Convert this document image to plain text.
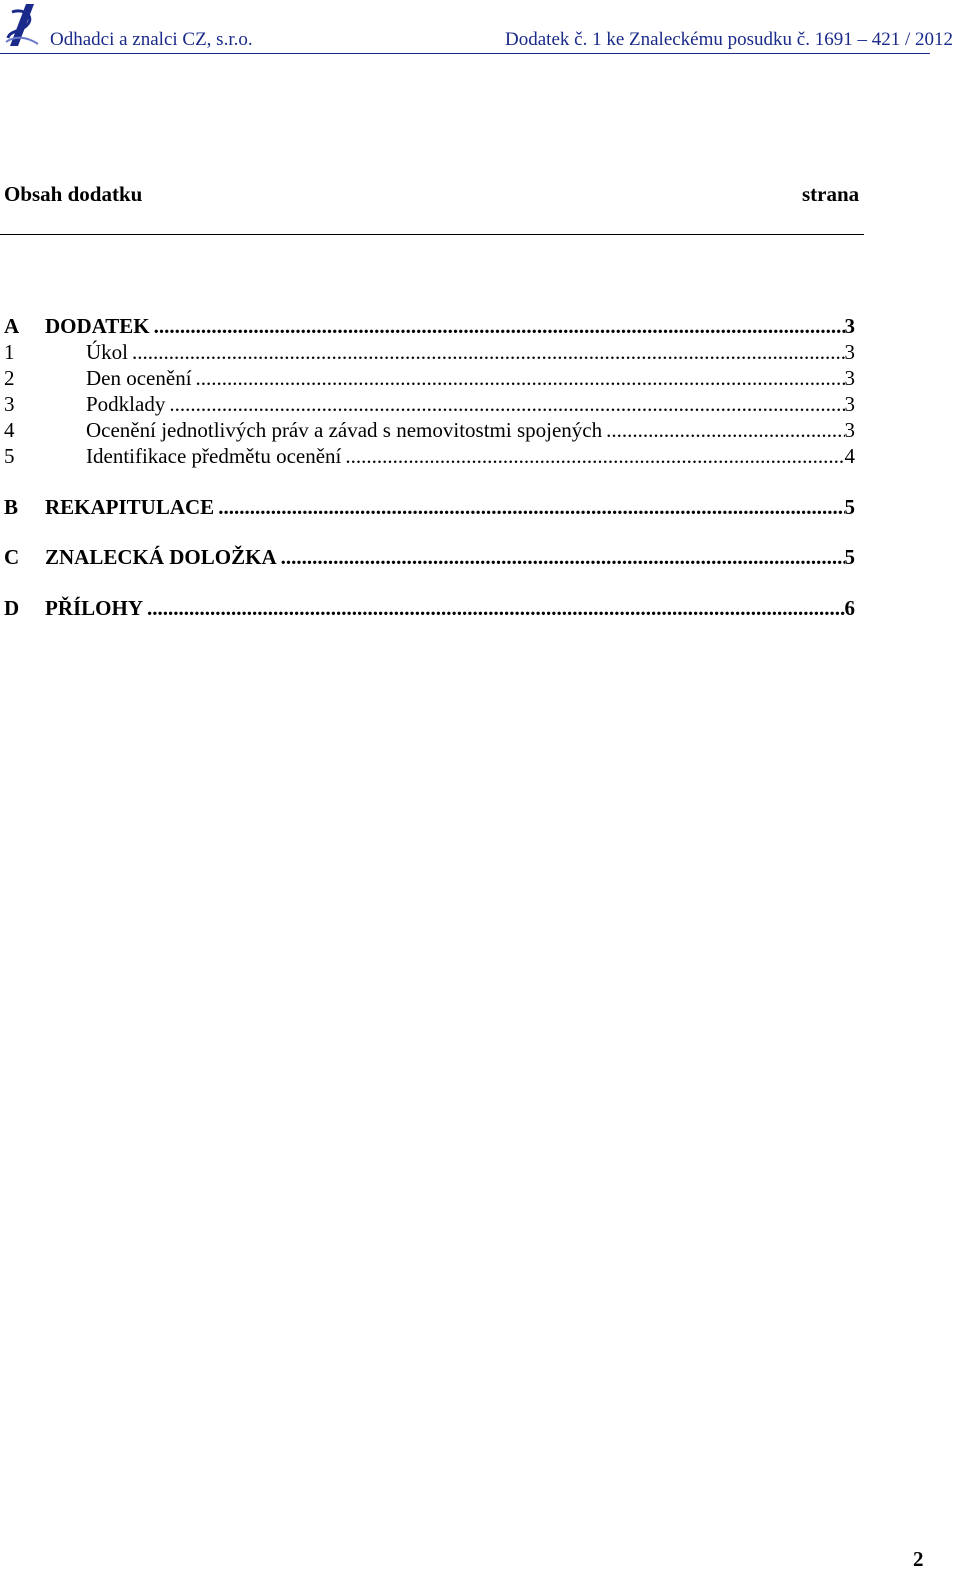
Odhadci a znalci CZ, s.r.o.	Dodatek č. 1 ke Znaleckému posudku č. 1691 – 421 / 2012
Obsah dodatku	strana
A DODATEK .....	3
1	Úkol .....	3
2	Den ocenění .....	3
3	Podklady .....	3
4	Ocenění jednotlivých práv a závad s nemovitostmi spojených .....	3
5	Identifikace předmětu ocenění .....	4
B REKAPITULACE .....	5
C ZNALECKÁ DOLOŽKA .....	5
D PŘÍLOHY .....	6
2
